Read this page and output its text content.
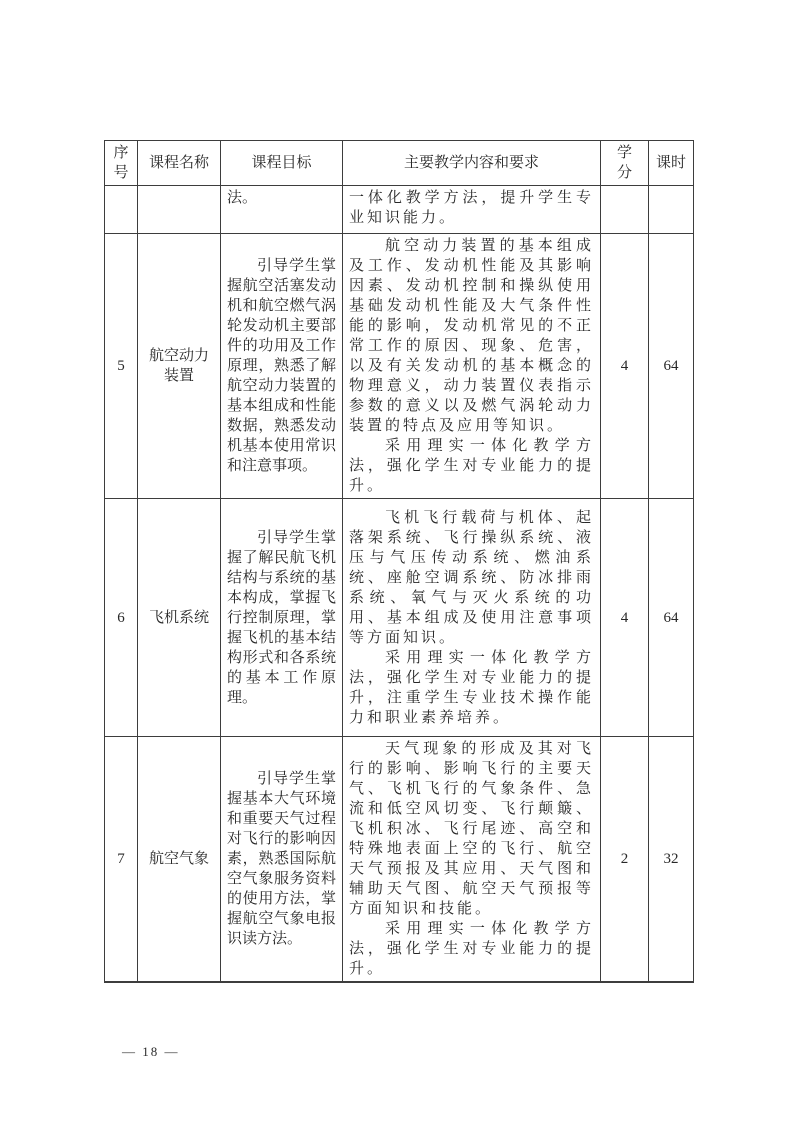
序号	课程名称	课程目标	主要教学内容和要求	学分	课时

		法。	一体化教学方法，提升学生专业知识能力。		

5	航空动力装置	引导学生掌握航空活塞发动机和航空燃气涡轮发动机主要部件的功用及工作原理，熟悉了解航空动力装置的基本组成和性能数据，熟悉发动机基本使用常识和注意事项。	航空动力装置的基本组成及工作、发动机性能及其影响因素、发动机控制和操纵使用基础发动机性能及大气条件性能的影响，发动机常见的不正常工作的原因、现象、危害，以及有关发动机的基本概念的物理意义，动力装置仪表指示参数的意义以及燃气涡轮动力装置的特点及应用等知识。

采用理实一体化教学方法，强化学生对专业能力的提升。	4	64
6	飞机系统	引导学生掌握了解民航飞机结构与系统的基本构成，掌握飞行控制原理，掌握飞机的基本结构形式和各系统的基本工作原理。	飞机飞行载荷与机体、起落架系统、飞行操纵系统、液压与气压传动系统、燃油系统、座舱空调系统、防冰排雨系统、氧气与灭火系统的功用、基本组成及使用注意事项等方面知识。

采用理实一体化教学方法，强化学生对专业能力的提升，注重学生专业技术操作能力和职业素养培养。	4	64
7	航空气象	引导学生掌握基本大气环境和重要天气过程对飞行的影响因素，熟悉国际航空气象服务资料的使用方法，掌握航空气象电报识读方法。	天气现象的形成及其对飞行的影响、影响飞行的主要天气、飞机飞行的气象条件、急流和低空风切变、飞行颠簸、飞机积冰、飞行尾迹、高空和特殊地表面上空的飞行、航空天气预报及其应用、天气图和辅助天气图、航空天气预报等方面知识和技能。

采用理实一体化教学方法，强化学生对专业能力的提升。	2	32
— 18 —
